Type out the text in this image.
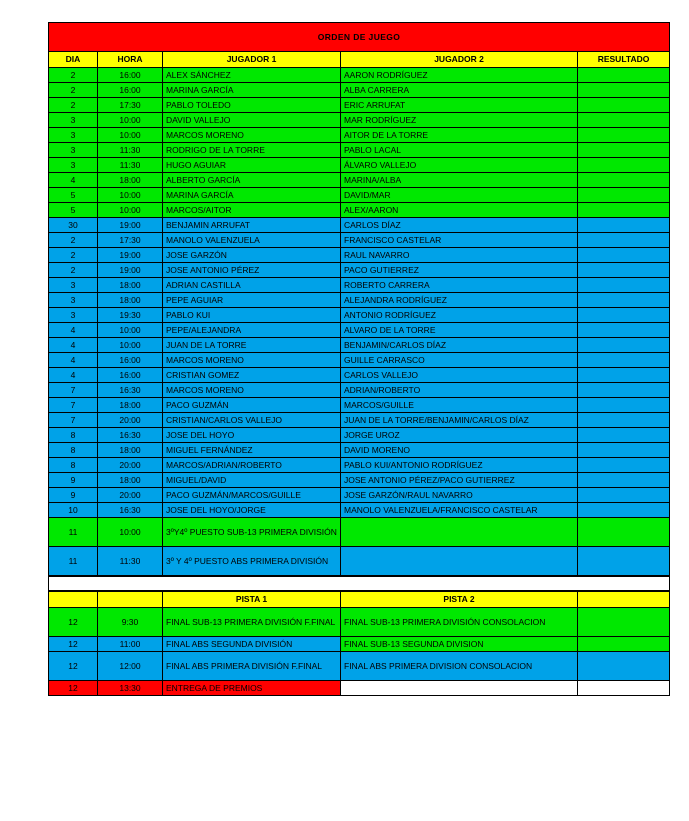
ORDEN DE JUEGO				
DIA	HORA	JUGADOR 1	JUGADOR 2	RESULTADO
2	16:00	ALEX SÁNCHEZ	AARON RODRÍGUEZ	
2	16:00	MARINA GARCÍA	ALBA CARRERA	
2	17:30	PABLO TOLEDO	ERIC ARRUFAT	
3	10:00	DAVID VALLEJO	MAR RODRÍGUEZ	
3	10:00	MARCOS MORENO	AITOR DE LA TORRE	
3	11:30	RODRIGO DE LA TORRE	PABLO LACAL	
3	11:30	HUGO AGUIAR	ÁLVARO VALLEJO	
4	18:00	ALBERTO GARCÍA	MARINA/ALBA	
5	10:00	MARINA GARCÍA	DAVID/MAR	
5	10:00	MARCOS/AITOR	ALEX/AARON	
30	19:00	BENJAMIN ARRUFAT	CARLOS DÍAZ	
2	17:30	MANOLO VALENZUELA	FRANCISCO CASTELAR	
2	19:00	JOSE GARZÓN	RAUL NAVARRO	
2	19:00	JOSE ANTONIO PÉREZ	PACO GUTIERREZ	
3	18:00	ADRIAN CASTILLA	ROBERTO CARRERA	
3	18:00	PEPE AGUIAR	ALEJANDRA RODRÍGUEZ	
3	19:30	PABLO KUI	ANTONIO RODRÍGUEZ	
4	10:00	PEPE/ALEJANDRA	ALVARO DE LA TORRE	
4	10:00	JUAN DE LA TORRE	BENJAMIN/CARLOS DÍAZ	
4	16:00	MARCOS MORENO	GUILLE CARRASCO	
4	16:00	CRISTIAN GOMEZ	CARLOS VALLEJO	
7	16:30	MARCOS MORENO	ADRIAN/ROBERTO	
7	18:00	PACO GUZMÁN	MARCOS/GUILLE	
7	20:00	CRISTIAN/CARLOS VALLEJO	JUAN DE LA TORRE/BENJAMIN/CARLOS DÍAZ	
8	16:30	JOSE DEL HOYO	JORGE UROZ	
8	18:00	MIGUEL FERNÁNDEZ	DAVID MORENO	
8	20:00	MARCOS/ADRIAN/ROBERTO	PABLO KUI/ANTONIO RODRÍGUEZ	
9	18:00	MIGUEL/DAVID	JOSE ANTONIO PÉREZ/PACO GUTIERREZ	
9	20:00	PACO GUZMÁN/MARCOS/GUILLE	JOSE GARZÓN/RAUL NAVARRO	
10	16:30	JOSE DEL HOYO/JORGE	MANOLO VALENZUELA/FRANCISCO CASTELAR	
11	10:00	3ºY4º PUESTO SUB-13 PRIMERA DIVISIÓN		
11	11:30	3º Y 4º PUESTO ABS PRIMERA DIVISIÓN		
		PISTA 1	PISTA 2	
12	9:30	FINAL SUB-13 PRIMERA DIVISIÓN F.FINAL	FINAL SUB-13 PRIMERA DIVISIÓN CONSOLACION	
12	11:00	FINAL ABS SEGUNDA DIVISIÓN	FINAL SUB-13 SEGUNDA DIVISION	
12	12:00	FINAL ABS PRIMERA DIVISIÓN F.FINAL	FINAL ABS PRIMERA DIVISION CONSOLACION	
12	13:30	ENTREGA DE PREMIOS		
